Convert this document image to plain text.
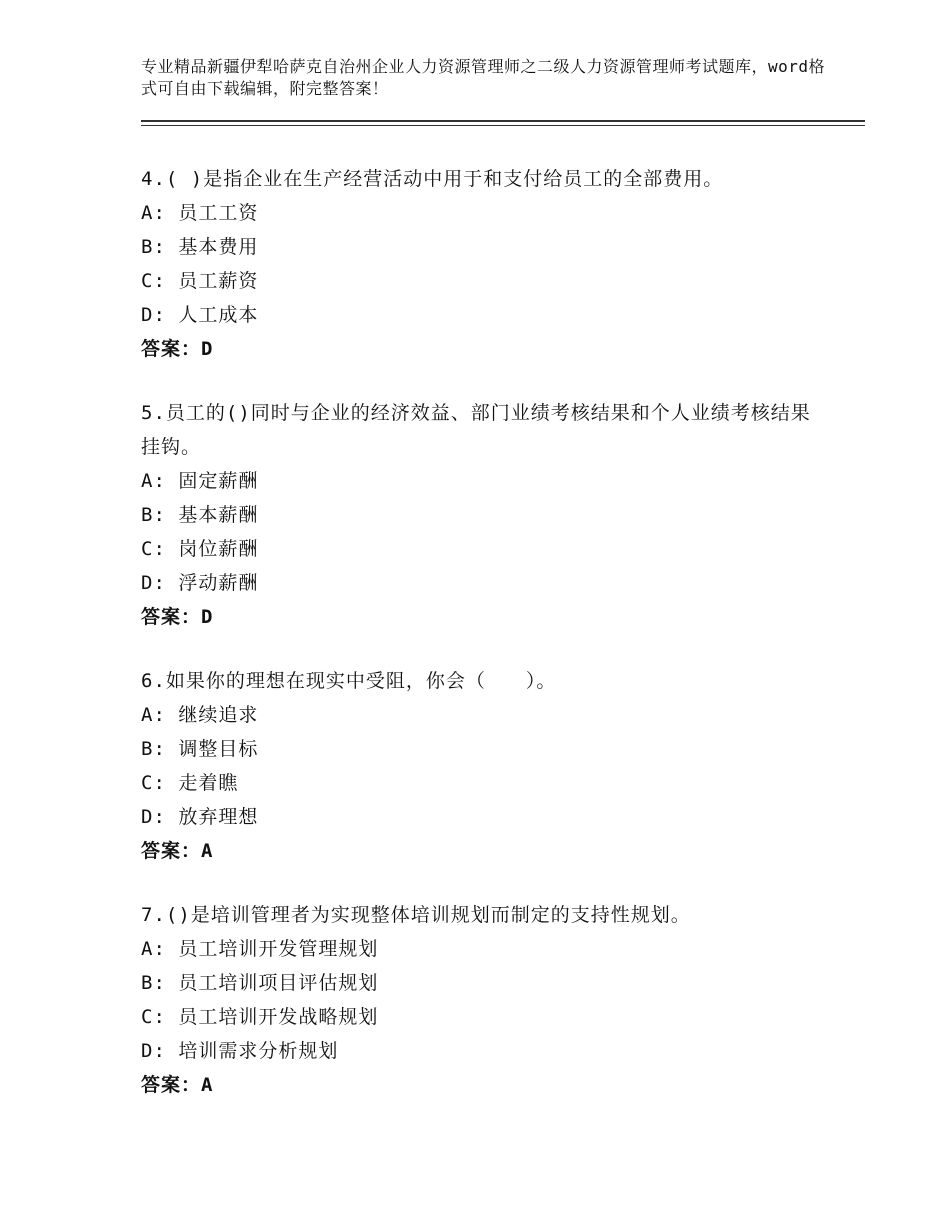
专业精品新疆伊犁哈萨克自治州企业人力资源管理师之二级人力资源管理师考试题库，word格式可自由下载编辑，附完整答案！
4.( )是指企业在生产经营活动中用于和支付给员工的全部费用。
A: 员工工资
B: 基本费用
C: 员工薪资
D: 人工成本
答案：D
5.员工的()同时与企业的经济效益、部门业绩考核结果和个人业绩考核结果挂钩。
A: 固定薪酬
B: 基本薪酬
C: 岗位薪酬
D: 浮动薪酬
答案：D
6.如果你的理想在现实中受阻，你会（　　）。
A: 继续追求
B: 调整目标
C: 走着瞧
D: 放弃理想
答案：A
7.()是培训管理者为实现整体培训规划而制定的支持性规划。
A: 员工培训开发管理规划
B: 员工培训项目评估规划
C: 员工培训开发战略规划
D: 培训需求分析规划
答案：A
